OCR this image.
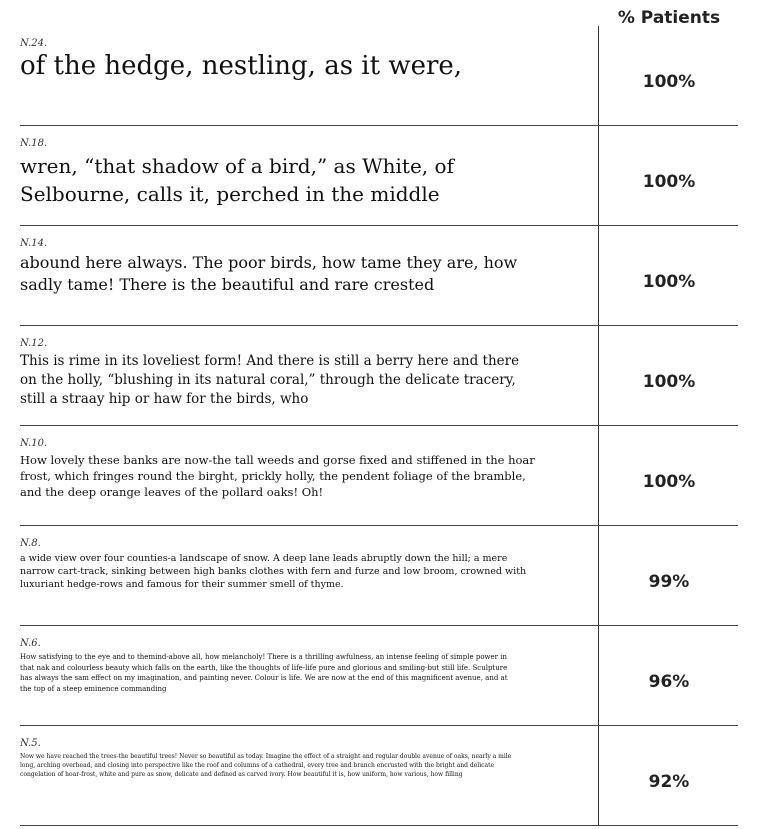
% Patients
N.24.
of the hedge, nestling, as it were,
100%
N.18.
wren, “that shadow of a bird,” as White, of Selbourne, calls it, perched in the middle	100%
N.14.
abound here always. The poor birds, how tame they are, how sadly tame! There is the beautiful and rare crested	100%
N.12.
This is rime in its loveliest form! And there is still a berry here and there on the holly, “blushing in its natural coral,” through the delicate tracery, still a straay hip or haw for the birds, who
100%
N.10.
How lovely these banks are now-the tall weeds and gorse fixed and stiffened in the hoar frost, which fringes round the birght, prickly holly, the pendent foliage of the bramble, and the deep orange leaves of the pollard oaks! Oh!	100%
N.8.
a wide view over four counties-a landscape of snow. A deep lane leads abruptly down the hill; a mere narrow cart-track, sinking between high banks clothes with fern and furze and low broom, crowned with luxuriant hedge-rows and famous for their summer smell of thyme.	99%
N.6.
How satisfying to the eye and to themind-above all, how melancholy! There is a thrilling awfulness, an intense feeling of simple power in that nak and colourless beauty which falls on the earth, like the thoughts of life-life pure and glorious and smiling-but still life. Sculpture has always the sam effect on my imagination, and painting never. Colour is life. We are now at the end of this magnificent avenue, and at the top of a steep eminence commanding	96%
N.5.
Now we have reached the trees-the beautiful trees! Never so beautiful as today. Imagine the effect of a straight and regular double avenue of oaks, nearly a mile long, arching overhead, and closing into perspective like the roof and columns of a cathedral, every tree and branch encrusted with the bright and delicate congelation of hoar-frost, white and pure as snow, delicate and defined as carved ivory. How beautiful it is, how uniform, how various, how filling	92%
